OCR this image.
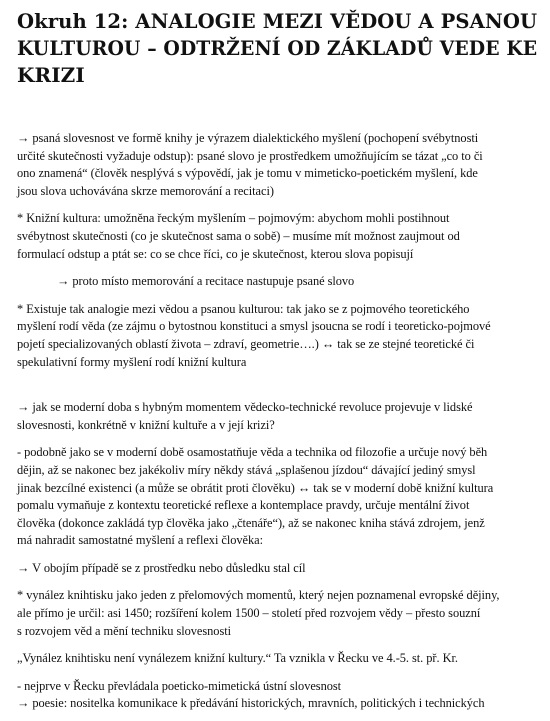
Okruh 12: ANALOGIE MEZI VĚDOU A PSANOU
KULTUROU – ODTRŽENÍ OD ZÁKLADŮ VEDE KE
KRIZI

→ psaná slovesnost ve formě knihy je výrazem dialektického myšlení (pochopení svébytnosti
určité skutečnosti vyžaduje odstup): psané slovo je prostředkem umožňujícím se tázat „co to či
ono znamená“ (člověk nesplývá s výpovědí, jak je tomu v mimeticko-poetickém myšlení, kde
jsou slova uchovávána skrze memorování a recitaci)

* Knižní kultura: umožněna řeckým myšlením – pojmovým: abychom mohli postihnout
svébytnost skutečnosti (co je skutečnost sama o sobě) – musíme mít možnost zaujmout od
formulací odstup a ptát se: co se chce říci, co je skutečnost, kterou slova popisují

→ proto místo memorování a recitace nastupuje psané slovo

* Existuje tak analogie mezi vědou a psanou kulturou: tak jako se z pojmového teoretického
myšlení rodí věda (ze zájmu o bytostnou konstituci a smysl jsoucna se rodí i teoreticko-pojmové
pojetí specializovaných oblastí života – zdraví, geometrie….) ↔ tak se ze stejné teoretické či
spekulativní formy myšlení rodí knižní kultura

→ jak se moderní doba s hybným momentem vědecko-technické revoluce projevuje v lidské
slovesnosti, konkrétně v knižní kultuře a v její krizi?

- podobně jako se v moderní době osamostatňuje věda a technika od filozofie a určuje nový běh
dějin, až se nakonec bez jakékoliv míry někdy stává „splašenou jízdou“ dávající jediný smysl
jinak bezcílné existenci (a může se obrátit proti člověku) ↔ tak se v moderní době knižní kultura
pomalu vymaňuje z kontextu teoretické reflexe a kontemplace pravdy, určuje mentální život
člověka (dokonce zakládá typ člověka jako „čtenáře“), až se nakonec kniha stává zdrojem, jenž
má nahradit samostatné myšlení a reflexi člověka:

→ V obojím případě se z prostředku nebo důsledku stal cíl

* vynález knihtisku jako jeden z přelomových momentů, který nejen poznamenal evropské dějiny,
ale přímo je určil: asi 1450; rozšíření kolem 1500 – století před rozvojem vědy – přesto souzní
s rozvojem věd a mění techniku slovesnosti

„Vynález knihtisku není vynálezem knižní kultury.“ Ta vznikla v Řecku ve 4.-5. st. př. Kr.

- nejprve v Řecku převládala poeticko-mimetická ústní slovesnost

→ poesie: nositelka komunikace k předávání historických, mravních, politických i technických
